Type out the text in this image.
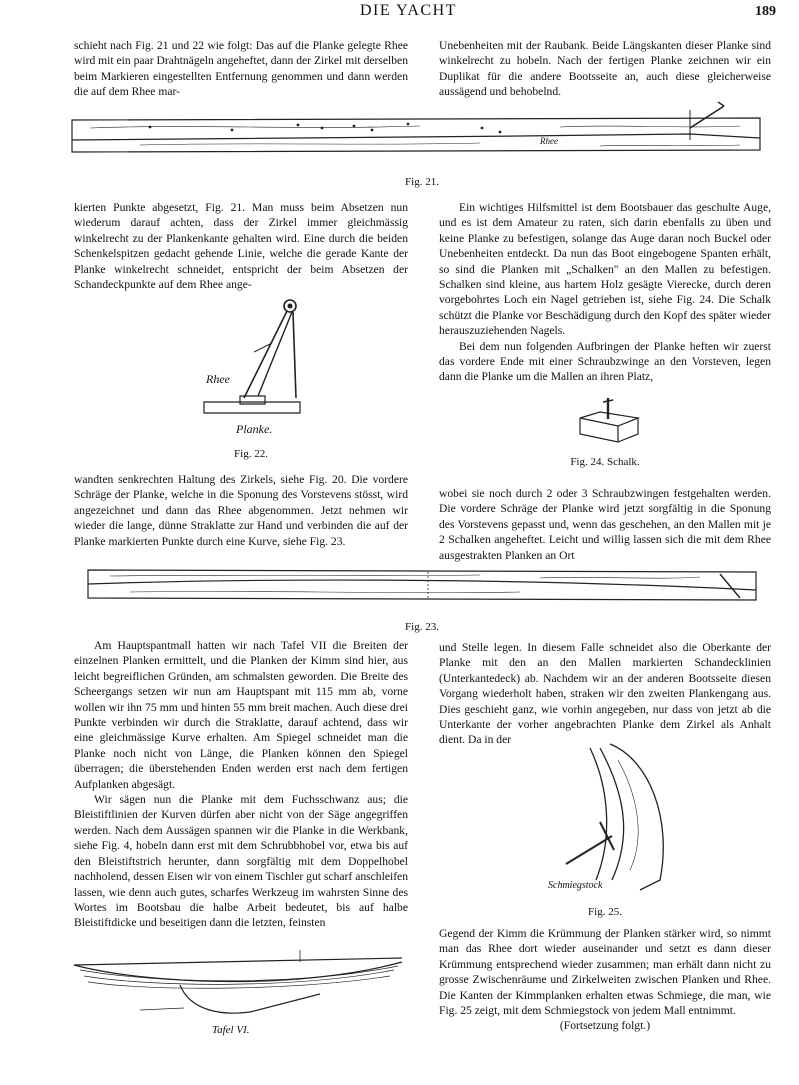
DIE YACHT	189

schieht nach Fig. 21 und 22 wie folgt: Das auf die Planke gelegte Rhee wird mit ein paar Drahtnägeln angeheftet, dann der Zirkel mit derselben beim Markieren eingestellten Entfernung genommen und dann werden die auf dem Rhee mar-

Unebenheiten mit der Raubank. Beide Längskanten dieser Planke sind winkelrecht zu hobeln. Nach der fertigen Planke zeichnen wir ein Duplikat für die andere Bootsseite an, auch diese gleicherweise aussägend und behobelnd.

Rhee
Fig. 21.

kierten Punkte abgesetzt, Fig. 21. Man muss beim Absetzen nun wiederum darauf achten, dass der Zirkel immer gleichmässig winkelrecht zu der Plankenkante gehalten wird. Eine durch die beiden Schenkelspitzen gedacht gehende Linie, welche die gerade Kante der Planke winkelrecht schneidet, entspricht der beim Absetzen der Schandeckpunkte auf dem Rhee ange-

Ein wichtiges Hilfsmittel ist dem Bootsbauer das geschulte Auge, und es ist dem Amateur zu raten, sich darin ebenfalls zu üben und keine Planke zu befestigen, solange das Auge daran noch Buckel oder Unebenheiten entdeckt. Da nun das Boot eingebogene Spanten erhält, so sind die Planken mit „Schalken" an den Mallen zu befestigen. Schalken sind kleine, aus hartem Holz gesägte Vierecke, durch deren vorgebohrtes Loch ein Nagel getrieben ist, siehe Fig. 24. Die Schalk schützt die Planke vor Beschädigung durch den Kopf des später wieder herauszuziehenden Nagels.

Bei dem nun folgenden Aufbringen der Planke heften wir zuerst das vordere Ende mit einer Schraubzwinge an den Vorsteven, legen dann die Planke um die Mallen an ihren Platz,

Rhee
Planke.
Fig. 22.
Fig. 24. Schalk.

wandten senkrechten Haltung des Zirkels, siehe Fig. 20. Die vordere Schräge der Planke, welche in die Sponung des Vorstevens stösst, wird angezeichnet und dann das Rhee abgenommen. Jetzt nehmen wir wieder die lange, dünne Straklatte zur Hand und verbinden die auf der Planke markierten Punkte durch eine Kurve, siehe Fig. 23.

wobei sie noch durch 2 oder 3 Schraubzwingen festgehalten werden. Die vordere Schräge der Planke wird jetzt sorgfältig in die Sponung des Vorstevens gepasst und, wenn das geschehen, an den Mallen mit je 2 Schalken angeheftet. Leicht und willig lassen sich die mit dem Rhee ausgestrakten Planken an Ort

Fig. 23.

Am Hauptspantmall hatten wir nach Tafel VII die Breiten der einzelnen Planken ermittelt, und die Planken der Kimm sind hier, aus leicht begreiflichen Gründen, am schmalsten geworden. Die Breite des Scheergangs setzen wir nun am Hauptspant mit 115 mm ab, vorne wollen wir ihn 75 mm und hinten 55 mm breit machen. Auch diese drei Punkte verbinden wir durch die Straklatte, darauf achtend, dass wir eine gleichmässige Kurve erhalten. Am Spiegel schneidet man die Planke noch nicht von Länge, die Planken können den Spiegel überragen; die überstehenden Enden werden erst nach dem fertigen Aufplanken abgesägt.

Wir sägen nun die Planke mit dem Fuchsschwanz aus; die Bleistiftlinien der Kurven dürfen aber nicht von der Säge angegriffen werden. Nach dem Aussägen spannen wir die Planke in die Werkbank, siehe Fig. 4, hobeln dann erst mit dem Schrubbhobel vor, etwa bis auf den Bleistiftstrich herunter, dann sorgfältig mit dem Doppelhobel nachholend, dessen Eisen wir von einem Tischler gut scharf anschleifen lassen, wie denn auch gutes, scharfes Werkzeug im wahrsten Sinne des Wortes im Bootsbau die halbe Arbeit bedeutet, bis auf halbe Bleistiftdicke und beseitigen dann die letzten, feinsten

und Stelle legen. In diesem Falle schneidet also die Oberkante der Planke mit den an den Mallen markierten Schandecklinien (Unterkantedeck) ab. Nachdem wir an der anderen Bootsseite diesen Vorgang wiederholt haben, straken wir den zweiten Plankengang aus. Dies geschieht ganz, wie vorhin angegeben, nur dass von jetzt ab die Unterkante der vorher angebrachten Planke dem Zirkel als Anhalt dient. Da in der

Schmiegstock
Fig. 25.

Gegend der Kimm die Krümmung der Planken stärker wird, so nimmt man das Rhee dort wieder auseinander und setzt es dann dieser Krümmung entsprechend wieder zusammen; man erhält dann nicht zu grosse Zwischenräume und Zirkelweiten zwischen Planken und Rhee. Die Kanten der Kimmplanken erhalten etwas Schmiege, die man, wie Fig. 25 zeigt, mit dem Schmiegstock von jedem Mall entnimmt.

(Fortsetzung folgt.)

Tafel VI.
